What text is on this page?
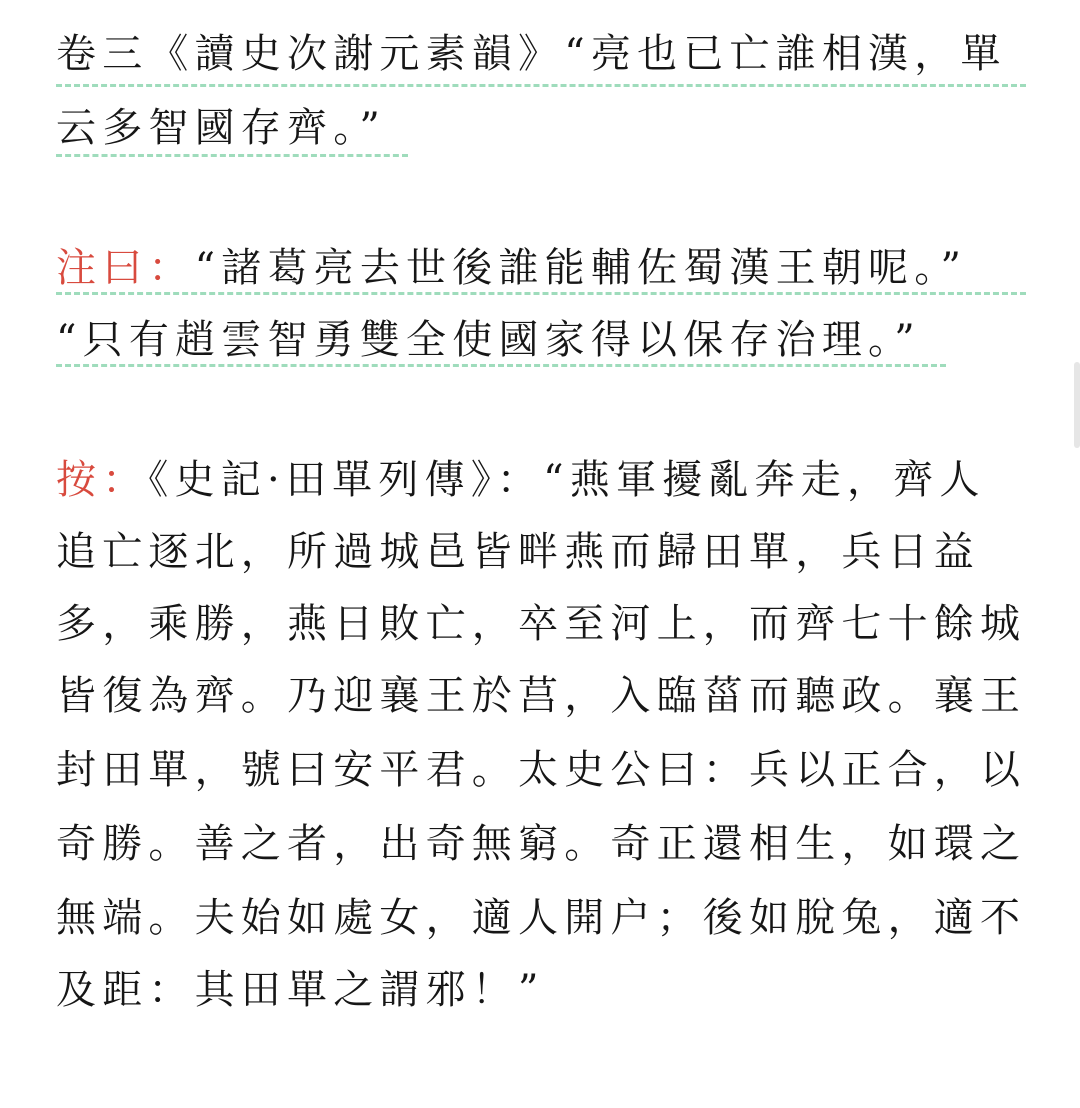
卷三《讀史次謝元素韻》“亮也已亡誰相漢，單
云多智國存齊。”
注曰：“諸葛亮去世後誰能輔佐蜀漢王朝呢。”
“只有趙雲智勇雙全使國家得以保存治理。”
按：《史記·田單列傳》：“燕軍擾亂奔走，齊人
追亡逐北，所過城邑皆畔燕而歸田單，兵日益
多，乘勝，燕日敗亡，卒至河上，而齊七十餘城
皆復為齊。乃迎襄王於莒，入臨菑而聽政。襄王
封田單，號曰安平君。太史公曰：兵以正合，以
奇勝。善之者，出奇無窮。奇正還相生，如環之
無端。夫始如處女，適人開户；後如脫兔，適不
及距：其田單之謂邪！”
